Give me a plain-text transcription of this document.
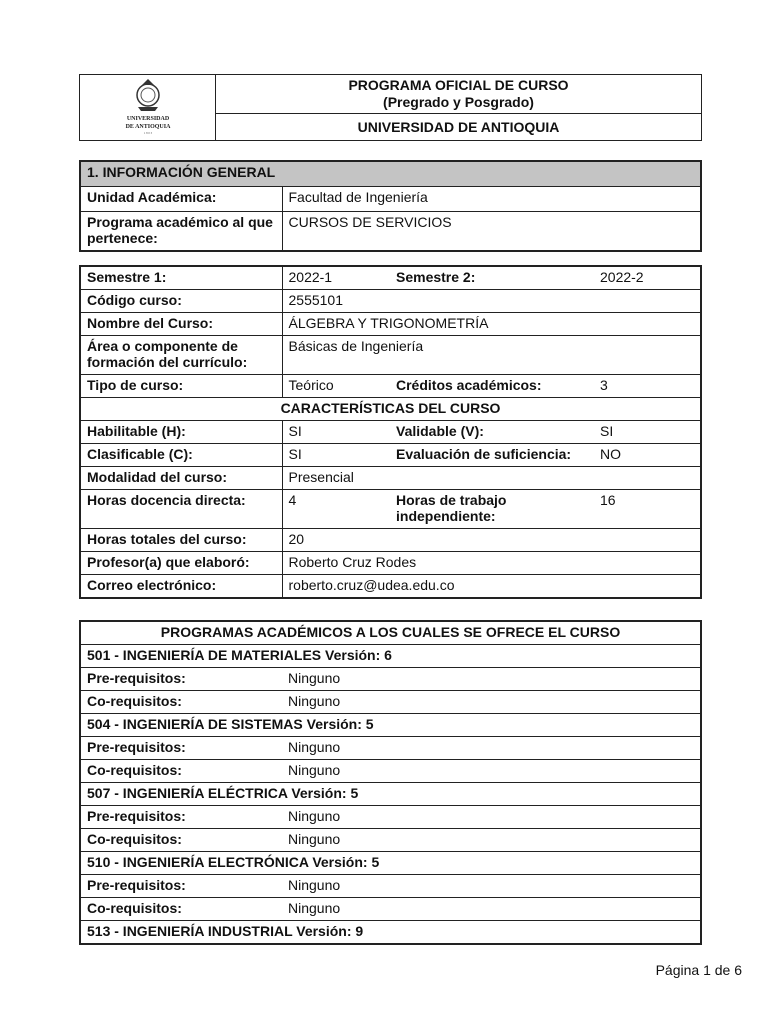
UNIVERSIDAD
DE ANTIOQUIA
1 8 0 3

PROGRAMA OFICIAL DE CURSO
(Pregrado y Posgrado)

UNIVERSIDAD DE ANTIOQUIA
1. INFORMACIÓN GENERAL	
Unidad Académica:	Facultad de Ingeniería
Programa académico al que pertenece:	CURSOS DE SERVICIOS
Semestre 1:	2022-1	Semestre 2:	2022-2
Código curso:	2555101		
Nombre del Curso:	ÁLGEBRA Y TRIGONOMETRÍA		
Área o componente de formación del currículo:	Básicas de Ingeniería		
Tipo de curso:	Teórico	Créditos académicos:	3
CARACTERÍSTICAS DEL CURSO			
Habilitable (H):	SI	Validable (V):	SI
Clasificable (C):	SI	Evaluación de suficiencia:	NO
Modalidad del curso:	Presencial		
Horas docencia directa:	4	Horas de trabajo independiente:	16
Horas totales del curso:	20		
Profesor(a) que elaboró:	Roberto Cruz Rodes		
Correo electrónico:	roberto.cruz@udea.edu.co		
PROGRAMAS ACADÉMICOS A LOS CUALES SE OFRECE EL CURSO	
501 - INGENIERÍA DE MATERIALES Versión: 6	
Pre-requisitos:	Ninguno
Co-requisitos:	Ninguno
504 - INGENIERÍA DE SISTEMAS Versión: 5	
Pre-requisitos:	Ninguno
Co-requisitos:	Ninguno
507 - INGENIERÍA ELÉCTRICA Versión: 5	
Pre-requisitos:	Ninguno
Co-requisitos:	Ninguno
510 - INGENIERÍA ELECTRÓNICA Versión: 5	
Pre-requisitos:	Ninguno
Co-requisitos:	Ninguno
513 - INGENIERÍA INDUSTRIAL Versión: 9	
Página 1 de 6
